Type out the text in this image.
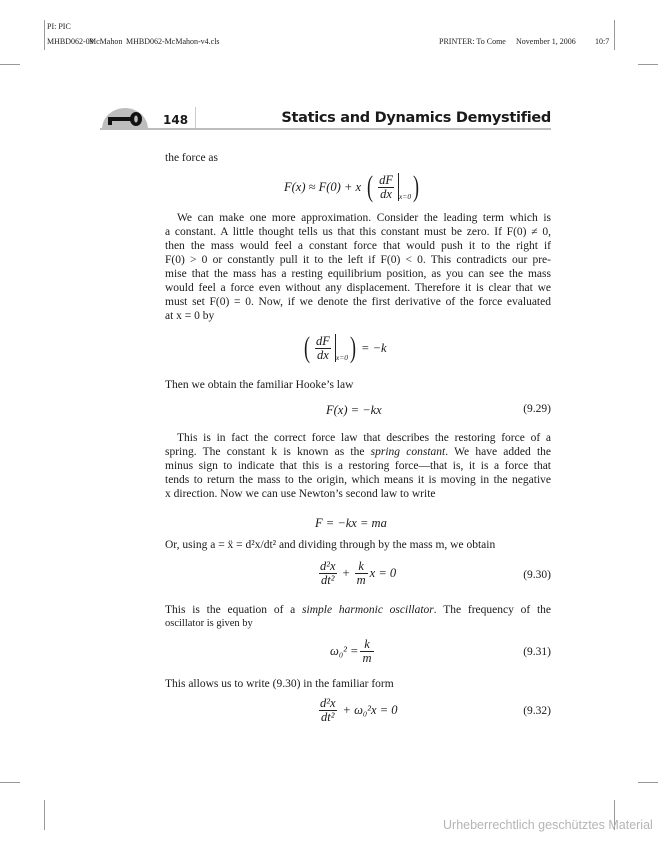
PI: PIC
MHBD062-09
McMahon MHBD062-McMahon-v4.cls	PRINTER: To Come November 1, 2006 10:7
148	Statics and Dynamics Demystified
the force as
F(x) ≈ F(0) + x ( $\frac{dF}{dx} x=0$ )
We can make one more approximation. Consider the leading term which is
a constant. A little thought tells us that this constant must be zero. If F(0) ≠ 0,
then the mass would feel a constant force that would push it to the right if
F(0) > 0 or constantly pull it to the left if F(0) < 0. This contradicts our pre-
mise that the mass has a resting equilibrium position, as you can see the mass
would feel a force even without any displacement. Therefore it is clear that we
must set F(0) = 0. Now, if we denote the first derivative of the force evaluated
at x = 0 by
( $\frac{dF}{dx} x=0$ ) = −k
Then we obtain the familiar Hooke’s law
F(x) = −kx	(9.29)
This is in fact the correct force law that describes the restoring force of a
spring. The constant k is known as the spring constant. We have added the
minus sign to indicate that this is a restoring force—that is, it is a force that
tends to return the mass to the origin, which means it is moving in the negative
x direction. Now we can use Newton’s second law to write
F = −kx = ma
Or, using a = ẍ = d²x/dt² and dividing through by the mass m, we obtain
$\frac{\text{d²x}}{\text{dt²}} + \frac{k}{m}$ x = 0	(9.30)
This is the equation of a simple harmonic oscillator. The frequency of the
oscillator is given by
$\omega_0^2 = \frac{k}{m}$	(9.31)
This allows us to write (9.30) in the familiar form
$\frac{\text{d²x}}{\text{dt²}} + \omega_0^2x = 0$	(9.32)
Urheberrechtlich geschütztes Material
